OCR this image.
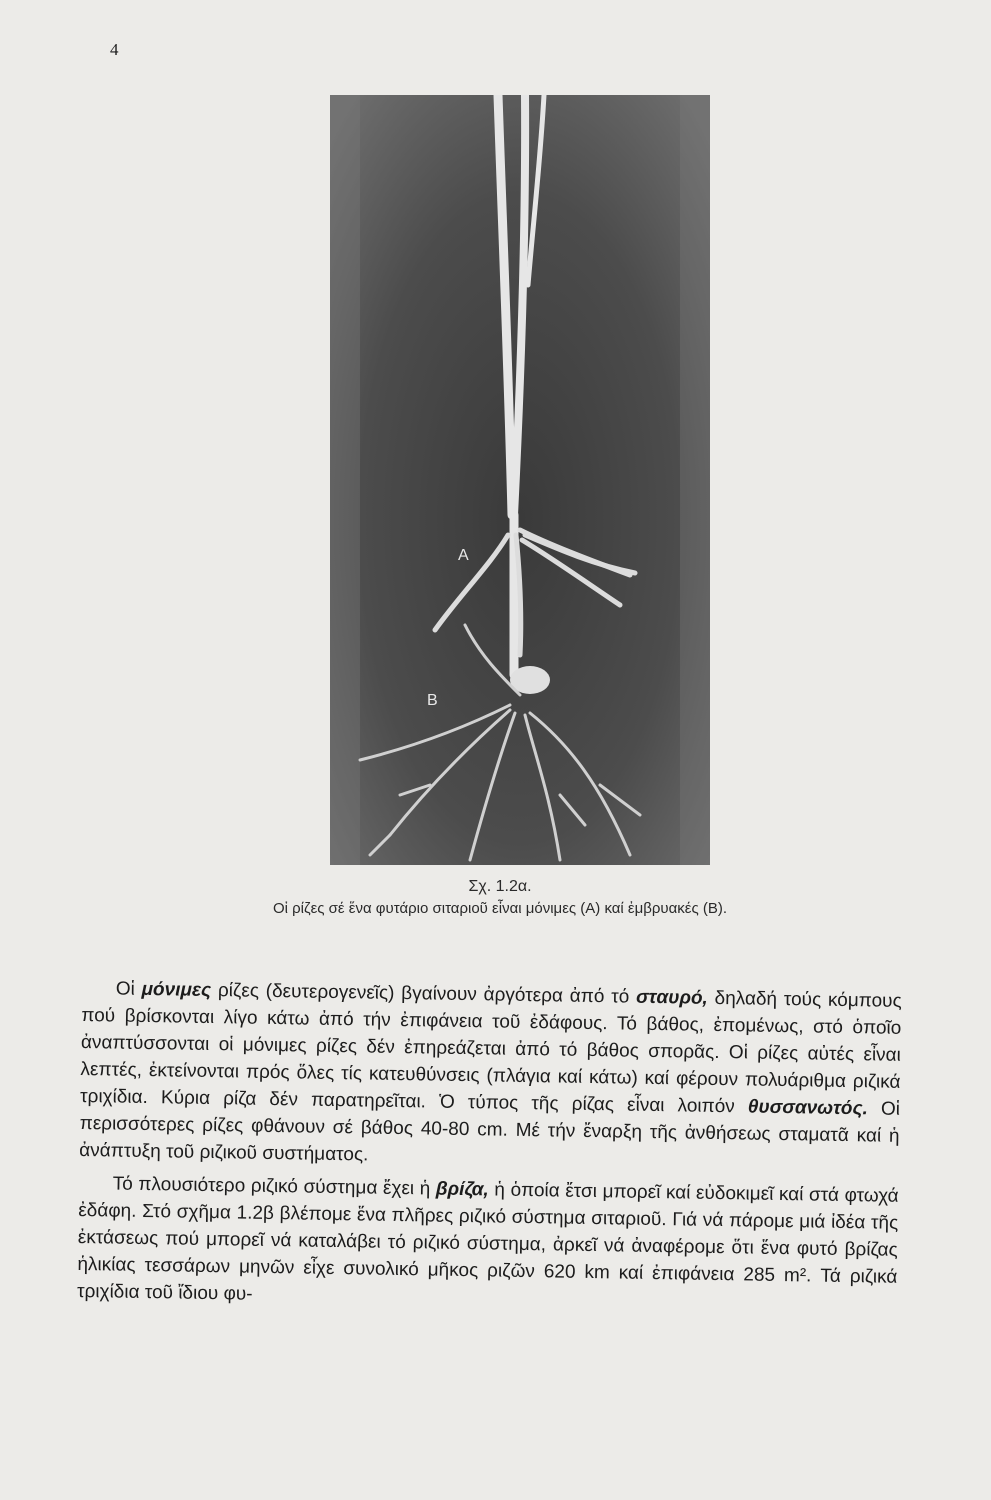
4
A
B
Σχ. 1.2α.
Οἱ ρίζες σέ ἕνα φυτάριο σιταριοῦ εἶναι μόνιμες (Α) καί ἐμβρυακές (Β).

Οἱ μόνιμες ρίζες (δευτερογενεῖς) βγαίνουν ἀργότερα ἀπό τό σταυρό, δηλαδή τούς κόμπους πού βρίσκονται λίγο κάτω ἀπό τήν ἐπιφάνεια τοῦ ἐδάφους. Τό βάθος, ἐπομένως, στό ὁποῖο ἀναπτύσσονται οἱ μόνιμες ρίζες δέν ἐπηρεάζεται ἀπό τό βάθος σπορᾶς. Οἱ ρίζες αὐτές εἶναι λεπτές, ἐκτείνονται πρός ὅλες τίς κατευθύνσεις (πλάγια καί κάτω) καί φέρουν πολυάριθμα ριζικά τριχίδια. Κύρια ρίζα δέν παρατηρεῖται. Ὁ τύπος τῆς ρίζας εἶναι λοιπόν θυσσανωτός. Οἱ περισσότερες ρίζες φθάνουν σέ βάθος 40-80 cm. Μέ τήν ἔναρξη τῆς ἀνθήσεως σταματᾶ καί ἡ ἀνάπτυξη τοῦ ριζικοῦ συστήματος.

Τό πλουσιότερο ριζικό σύστημα ἔχει ἡ βρίζα, ἡ ὁποία ἔτσι μπορεῖ καί εὐδοκιμεῖ καί στά φτωχά ἐδάφη. Στό σχῆμα 1.2β βλέπομε ἕνα πλῆρες ριζικό σύστημα σιταριοῦ. Γιά νά πάρομε μιά ἰδέα τῆς ἐκτάσεως πού μπορεῖ νά καταλάβει τό ριζικό σύστημα, ἀρκεῖ νά ἀναφέρομε ὅτι ἕνα φυτό βρίζας ἡλικίας τεσσάρων μηνῶν εἶχε συνολικό μῆκος ριζῶν 620 km καί ἐπιφάνεια 285 m². Τά ριζικά τριχίδια τοῦ ἴδιου φυ-
